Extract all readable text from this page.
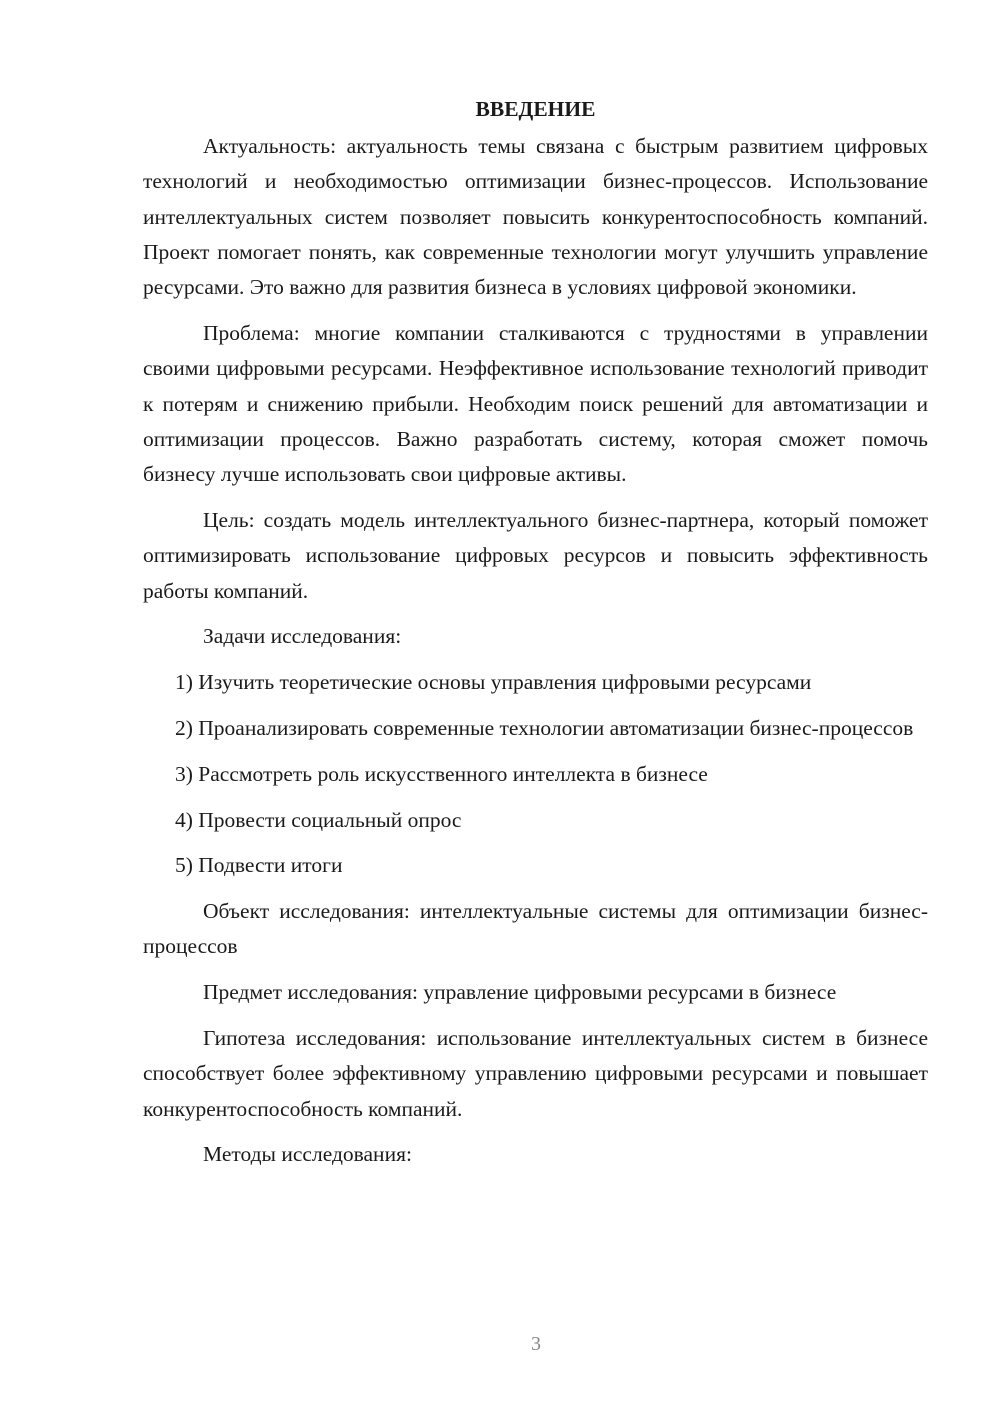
ВВЕДЕНИЕ

Актуальность: актуальность темы связана с быстрым развитием цифровых технологий и необходимостью оптимизации бизнес-процессов. Использование интеллектуальных систем позволяет повысить конкурентоспособность компаний. Проект помогает понять, как современные технологии могут улучшить управление ресурсами. Это важно для развития бизнеса в условиях цифровой экономики.

Проблема: многие компании сталкиваются с трудностями в управлении своими цифровыми ресурсами. Неэффективное использование технологий приводит к потерям и снижению прибыли. Необходим поиск решений для автоматизации и оптимизации процессов. Важно разработать систему, которая сможет помочь бизнесу лучше использовать свои цифровые активы.

Цель: создать модель интеллектуального бизнес-партнера, который поможет оптимизировать использование цифровых ресурсов и повысить эффективность работы компаний.

Задачи исследования:

1) Изучить теоретические основы управления цифровыми ресурсами

2) Проанализировать современные технологии автоматизации бизнес-процессов

3) Рассмотреть роль искусственного интеллекта в бизнесе

4) Провести социальный опрос

5) Подвести итоги

Объект исследования: интеллектуальные системы для оптимизации бизнес-процессов

Предмет исследования: управление цифровыми ресурсами в бизнесе

Гипотеза исследования: использование интеллектуальных систем в бизнесе способствует более эффективному управлению цифровыми ресурсами и повышает конкурентоспособность компаний.

Методы исследования:

3
